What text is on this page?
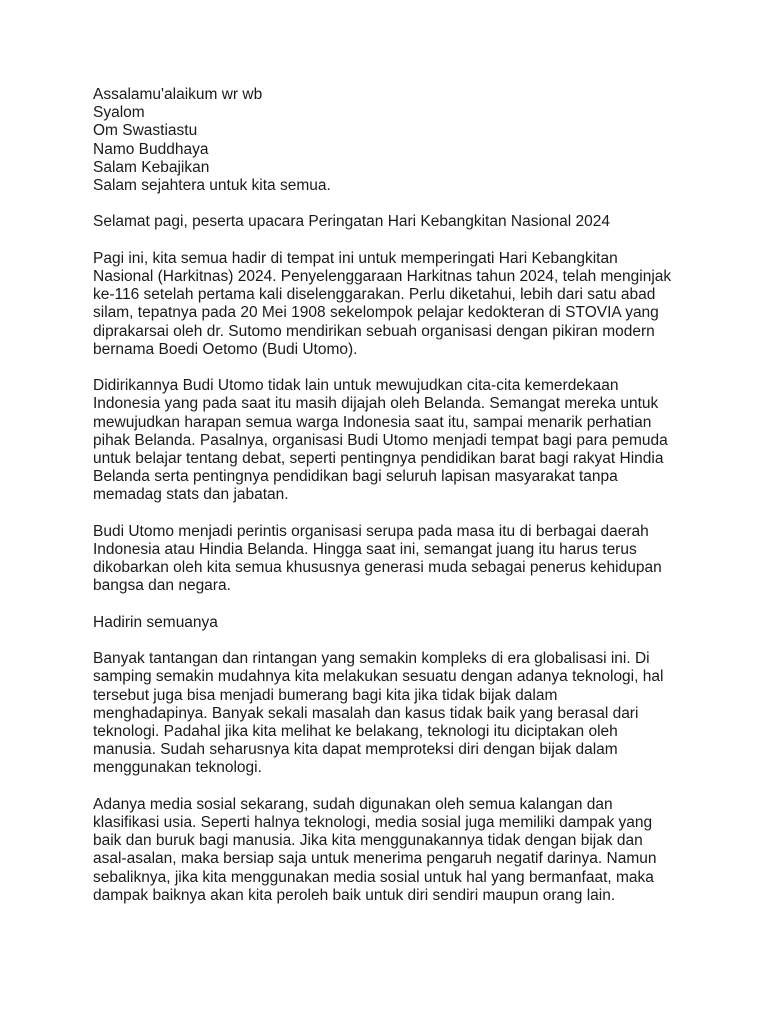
Assalamu'alaikum wr wb
Syalom
Om Swastiastu
Namo Buddhaya
Salam Kebajikan
Salam sejahtera untuk kita semua.
Selamat pagi, peserta upacara Peringatan Hari Kebangkitan Nasional 2024
Pagi ini, kita semua hadir di tempat ini untuk memperingati Hari Kebangkitan
Nasional (Harkitnas) 2024. Penyelenggaraan Harkitnas tahun 2024, telah menginjak
ke-116 setelah pertama kali diselenggarakan. Perlu diketahui, lebih dari satu abad
silam, tepatnya pada 20 Mei 1908 sekelompok pelajar kedokteran di STOVIA yang
diprakarsai oleh dr. Sutomo mendirikan sebuah organisasi dengan pikiran modern
bernama Boedi Oetomo (Budi Utomo).
Didirikannya Budi Utomo tidak lain untuk mewujudkan cita-cita kemerdekaan
Indonesia yang pada saat itu masih dijajah oleh Belanda. Semangat mereka untuk
mewujudkan harapan semua warga Indonesia saat itu, sampai menarik perhatian
pihak Belanda. Pasalnya, organisasi Budi Utomo menjadi tempat bagi para pemuda
untuk belajar tentang debat, seperti pentingnya pendidikan barat bagi rakyat Hindia
Belanda serta pentingnya pendidikan bagi seluruh lapisan masyarakat tanpa
memadag stats dan jabatan.
Budi Utomo menjadi perintis organisasi serupa pada masa itu di berbagai daerah
Indonesia atau Hindia Belanda. Hingga saat ini, semangat juang itu harus terus
dikobarkan oleh kita semua khususnya generasi muda sebagai penerus kehidupan
bangsa dan negara.
Hadirin semuanya
Banyak tantangan dan rintangan yang semakin kompleks di era globalisasi ini. Di
samping semakin mudahnya kita melakukan sesuatu dengan adanya teknologi, hal
tersebut juga bisa menjadi bumerang bagi kita jika tidak bijak dalam
menghadapinya. Banyak sekali masalah dan kasus tidak baik yang berasal dari
teknologi. Padahal jika kita melihat ke belakang, teknologi itu diciptakan oleh
manusia. Sudah seharusnya kita dapat memproteksi diri dengan bijak dalam
menggunakan teknologi.
Adanya media sosial sekarang, sudah digunakan oleh semua kalangan dan
klasifikasi usia. Seperti halnya teknologi, media sosial juga memiliki dampak yang
baik dan buruk bagi manusia. Jika kita menggunakannya tidak dengan bijak dan
asal-asalan, maka bersiap saja untuk menerima pengaruh negatif darinya. Namun
sebaliknya, jika kita menggunakan media sosial untuk hal yang bermanfaat, maka
dampak baiknya akan kita peroleh baik untuk diri sendiri maupun orang lain.
